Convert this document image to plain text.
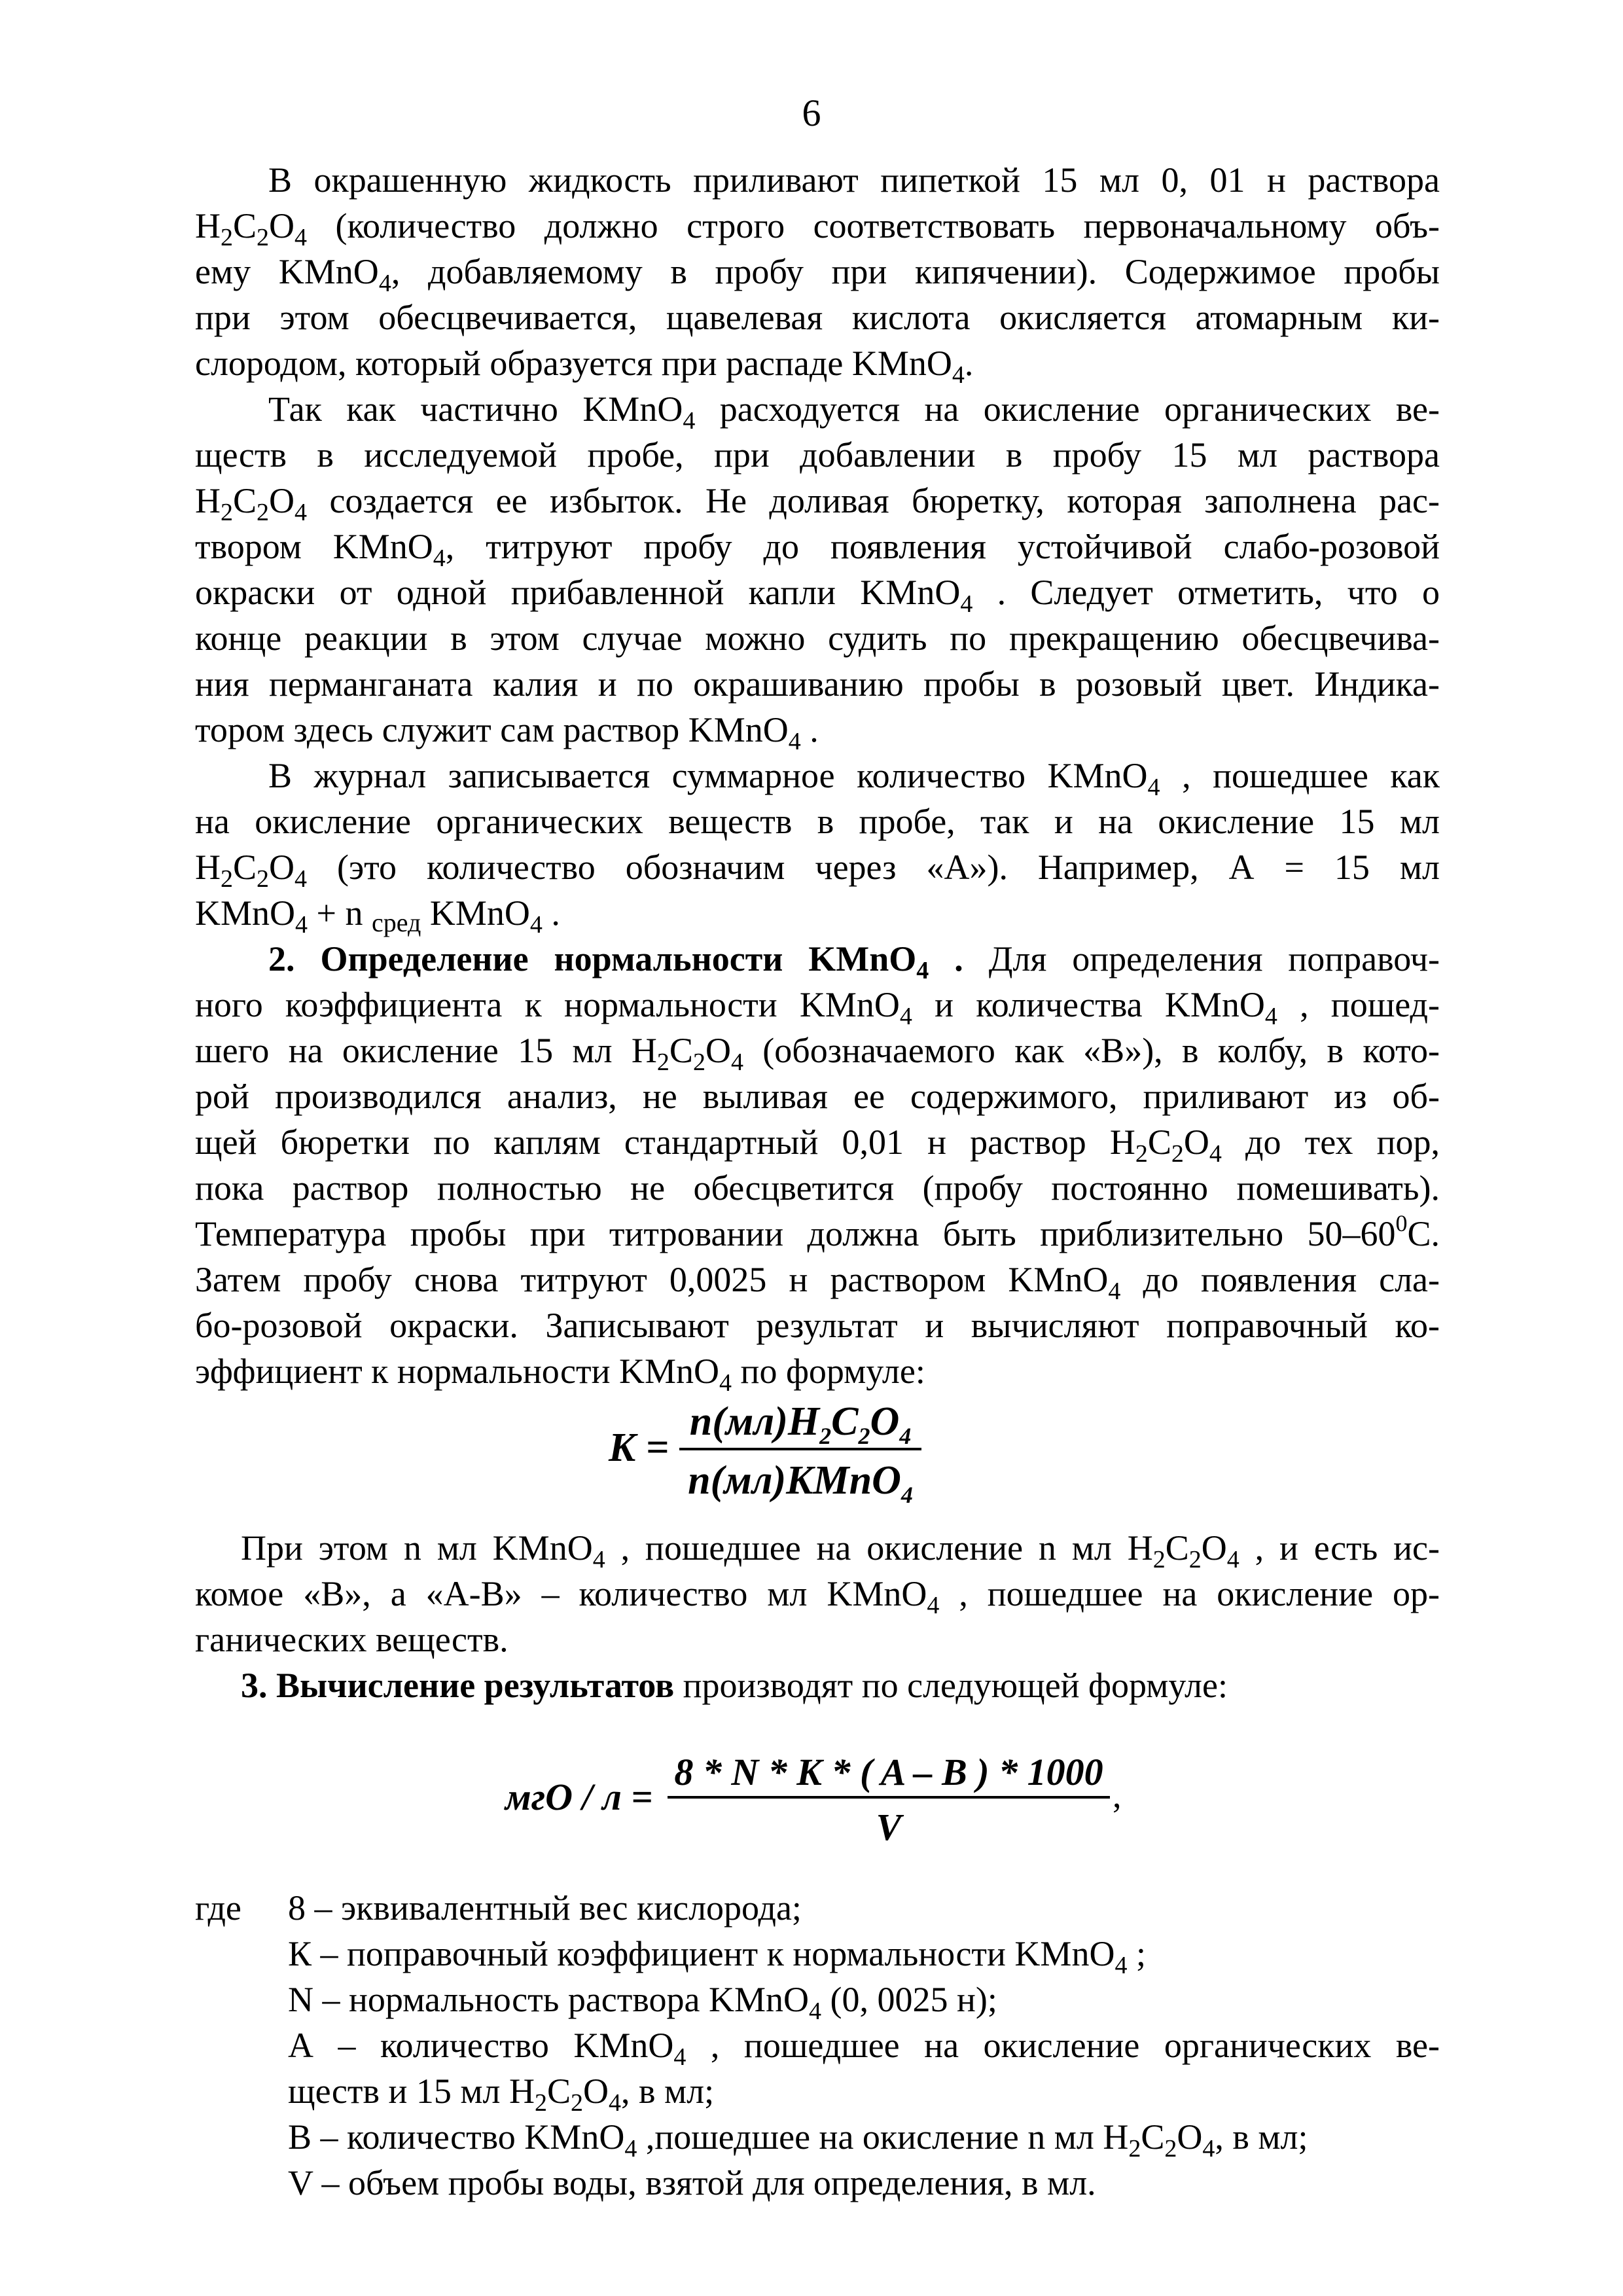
6
В окрашенную жидкость приливают пипеткой 15 мл 0, 01 н раствора
$H_2C_2O_4$ (количество должно строго соответствовать первоначальному объ-
ему KMnO$_4$, добавляемому в пробу при кипячении). Содержимое пробы
при этом обесцвечивается, щавелевая кислота окисляется атомарным ки-
слородом, который образуется при распаде KMnO$_4$.
Так как частично KMnO$_4$ расходуется на окисление органических ве-
ществ в исследуемой пробе, при добавлении в пробу 15 мл раствора
$H_2C_2O_4$ создается ее избыток. Не доливая бюретку, которая заполнена рас-
твором KMnO$_4$, титруют пробу до появления устойчивой слабо-розовой
окраски от одной прибавленной капли KMnO$_4$ . Следует отметить, что о
конце реакции в этом случае можно судить по прекращению обесцвечива-
ния перманганата калия и по окрашиванию пробы в розовый цвет. Индика-
тором здесь служит сам раствор KMnO$_4$ .
В журнал записывается суммарное количество KMnO$_4$ , пошедшее как
на окисление органических веществ в пробе, так и на окисление 15 мл
$H_2C_2O_4$ (это количество обозначим через «А»). Например, А = 15 мл
KMnO$_4$ + n $_{сред}$ KMnO$_4$ .
2. Определение нормальности KMnO$_4$ . Для определения поправоч-
ного коэффициента к нормальности KMnO$_4$ и количества KMnO$_4$ , пошед-
шего на окисление 15 мл $H_2C_2O_4$ (обозначаемого как «В»), в колбу, в кото-
рой производился анализ, не выливая ее содержимого, приливают из об-
щей бюретки по каплям стандартный 0,01 н раствор $H_2C_2O_4$ до тех пор,
пока раствор полностью не обесцветится (пробу постоянно помешивать).
Температура пробы при титровании должна быть приблизительно $50-60^0С$.
Затем пробу снова титруют 0,0025 н раствором KMnO$_4$ до появления сла-
бо-розовой окраски. Записывают результат и вычисляют поправочный ко-
эффициент к нормальности KMnO$_4$ по формуле:
K =
$n(мл)H_2C_2O_4$
n(мл)KMnO$_4$
При этом n мл KMnO$_4$ , пошедшее на окисление n мл $H_2C_2O_4$ , и есть ис-
комое «В», а «А-В» – количество мл KMnO$_4$ , пошедшее на окисление ор-
ганических веществ.
3. Вычисление результатов производят по следующей формуле:
мгО / л =
8 * N * K * ( A – B ) * 1000
V
,
где 8 – эквивалентный вес кислорода;
К – поправочный коэффициент к нормальности KMnO$_4$ ;
N – нормальность раствора KMnO$_4$ (0, 0025 н);
А – количество KMnO$_4$ , пошедшее на окисление органических ве-
ществ и 15 мл $H_2C_2O_4$, в мл;
В – количество KMnO$_4$ ,пошедшее на окисление n мл $H_2C_2O_4$, в мл;
V – объем пробы воды, взятой для определения, в мл.
